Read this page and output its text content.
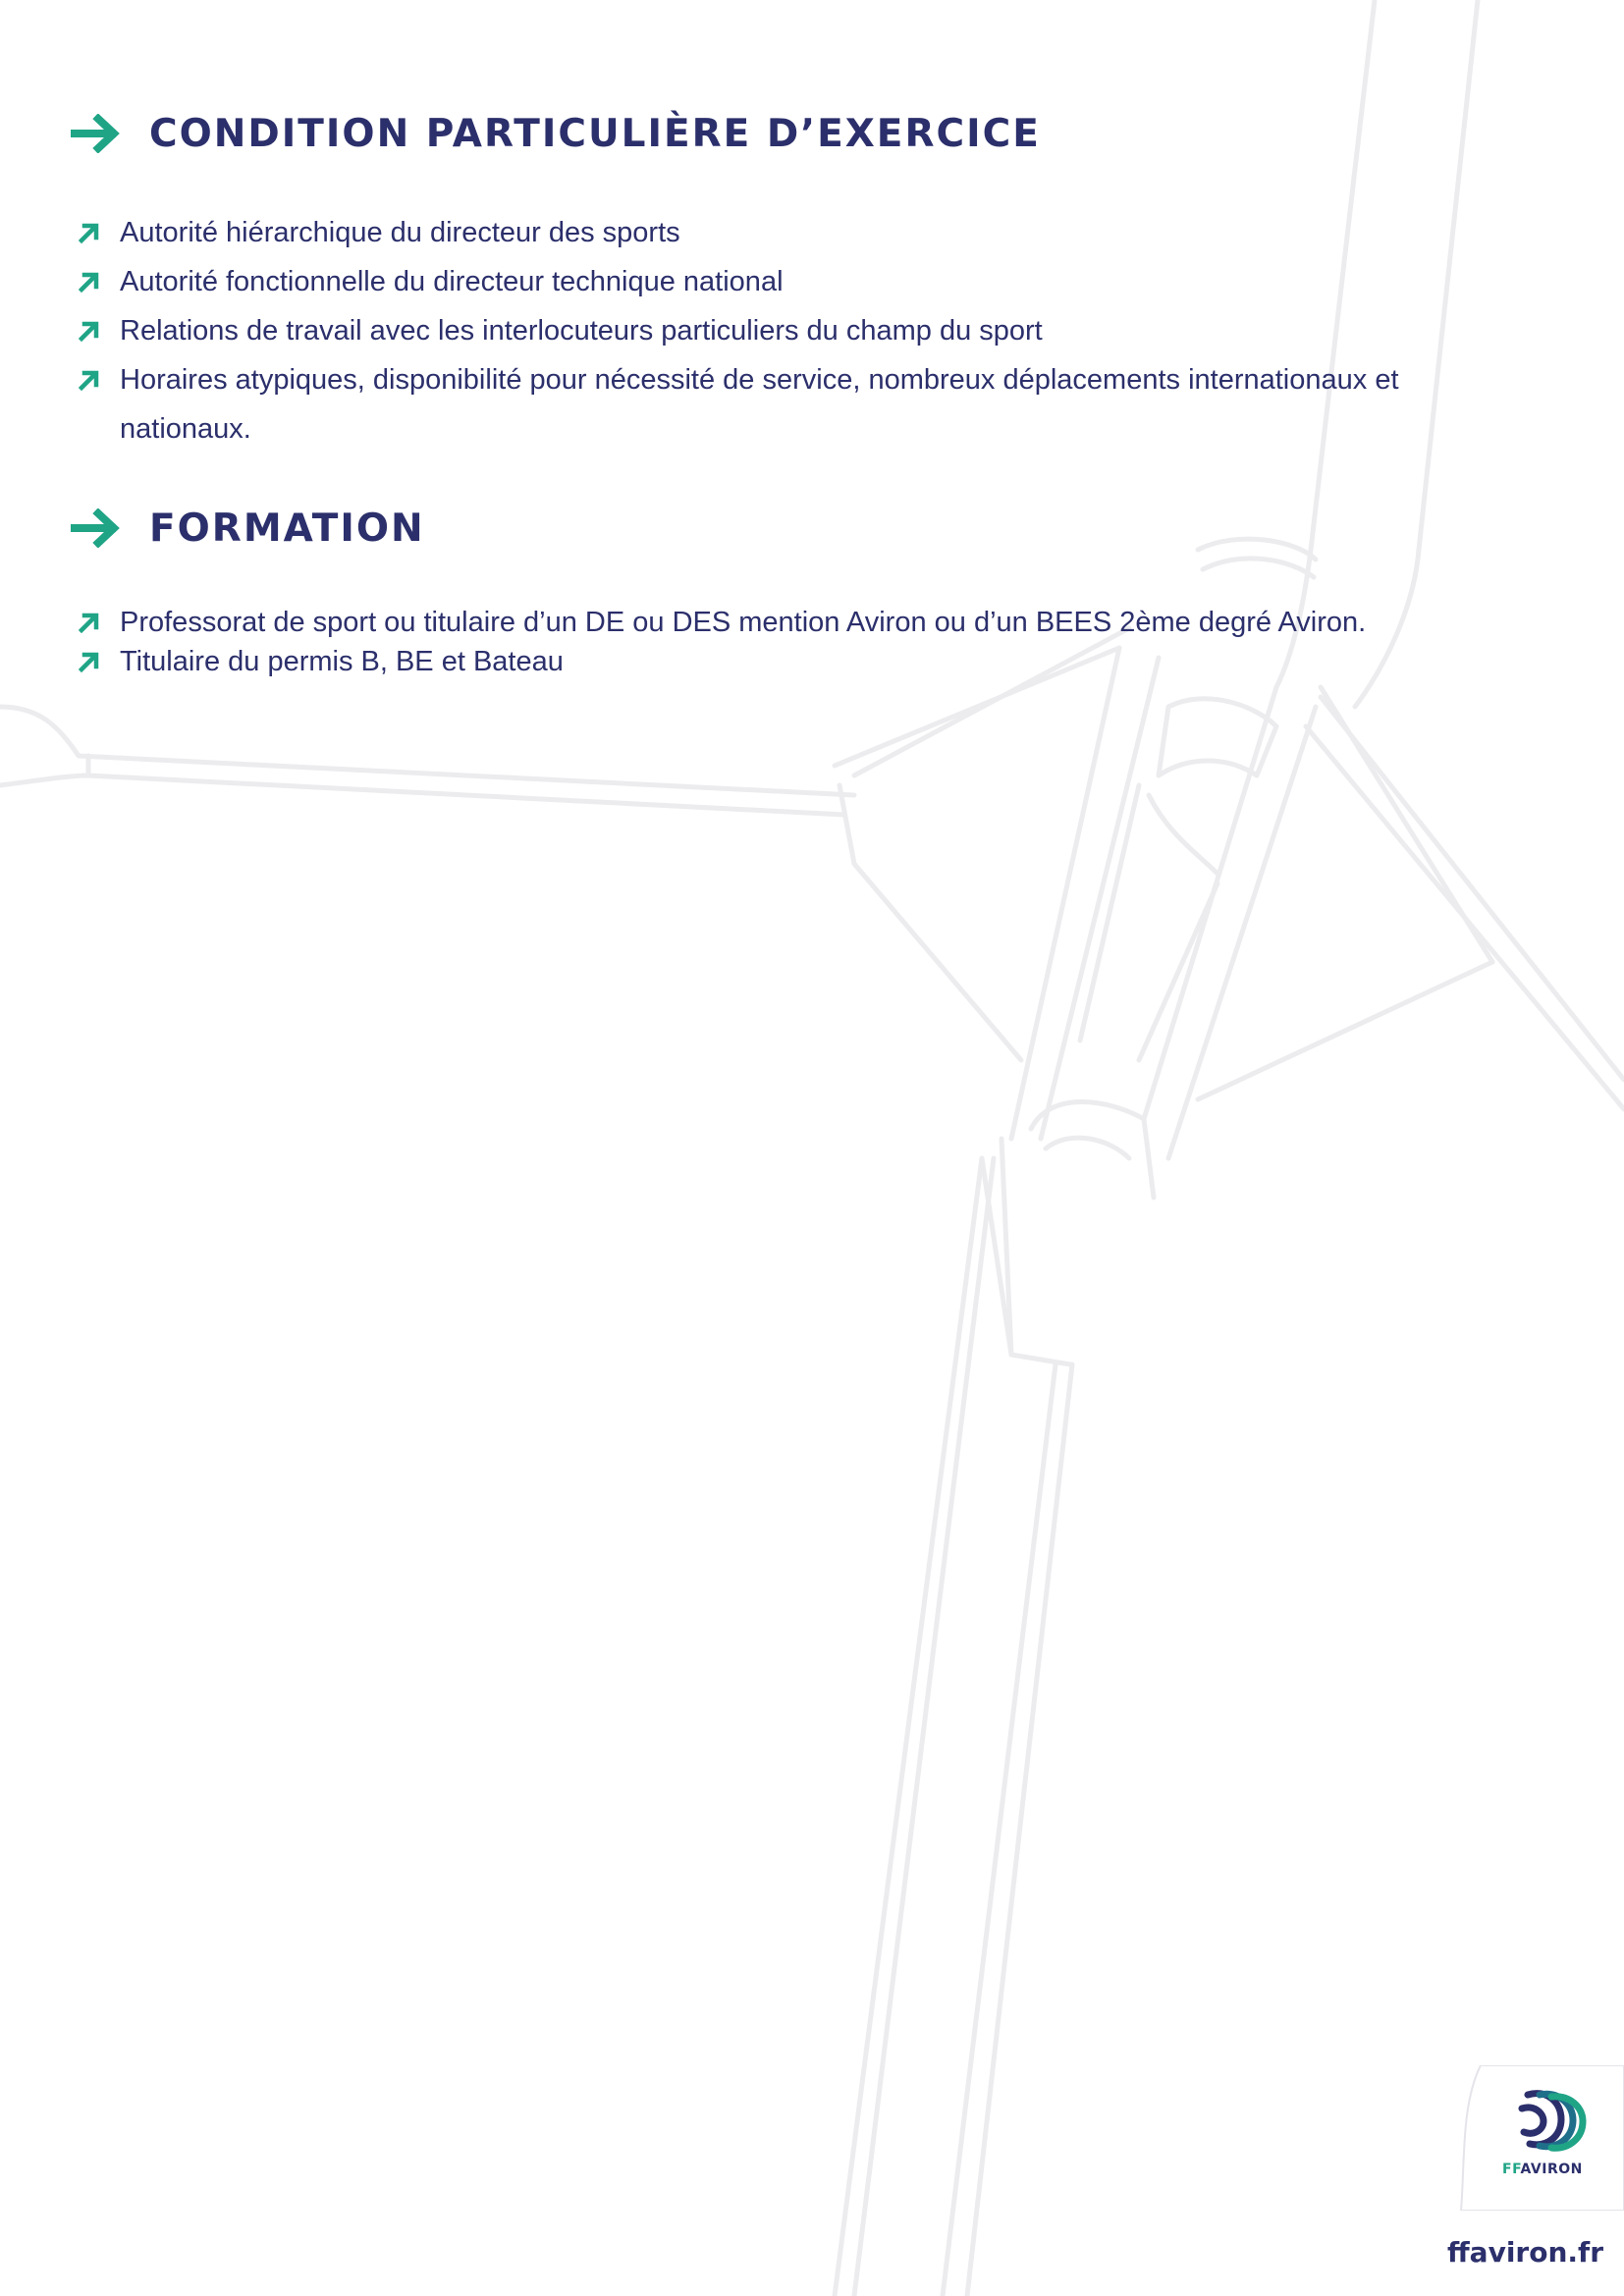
CONDITION PARTICULIÈRE D’EXERCICE
Autorité hiérarchique du directeur des sports
Autorité fonctionnelle du directeur technique national
Relations de travail avec les interlocuteurs particuliers du champ du sport
Horaires atypiques, disponibilité pour nécessité de service, nombreux déplacements internationaux et nationaux.
FORMATION
Professorat de sport ou titulaire d’un DE ou DES mention Aviron ou d’un BEES 2ème degré Aviron.
Titulaire du permis B, BE et Bateau
FFAVIRON
ffaviron.fr
